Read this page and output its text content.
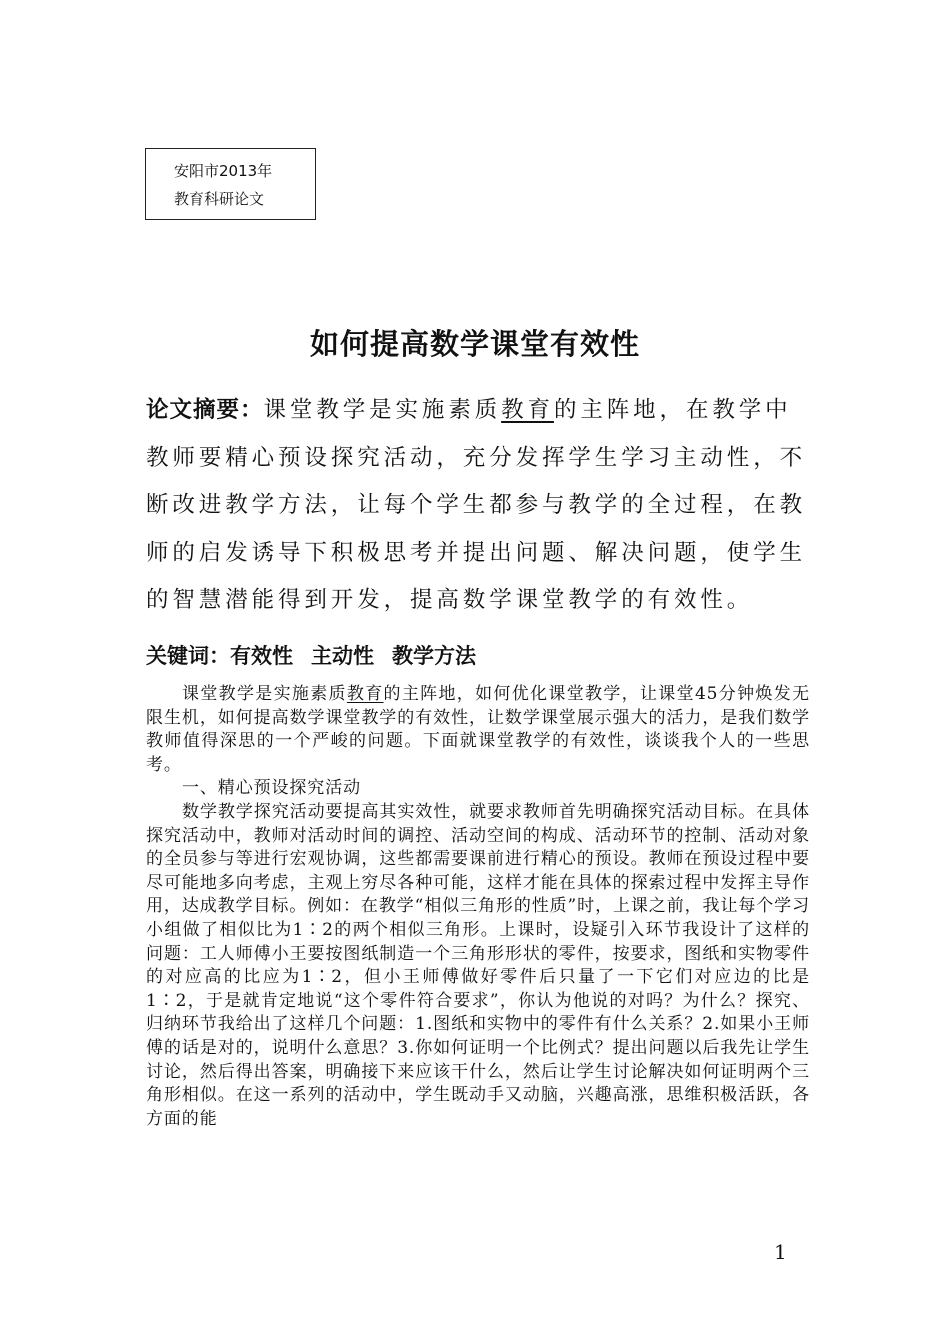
安阳市2013年
教育科研论文
如何提高数学课堂有效性

论文摘要：课堂教学是实施素质教育的主阵地，在教学中教师要精心预设探究活动，充分发挥学生学习主动性，不断改进教学方法，让每个学生都参与教学的全过程，在教师的启发诱导下积极思考并提出问题、解决问题，使学生的智慧潜能得到开发，提高数学课堂教学的有效性。

关键词：有效性 主动性 教学方法

课堂教学是实施素质教育的主阵地，如何优化课堂教学，让课堂45分钟焕发无限生机，如何提高数学课堂教学的有效性，让数学课堂展示强大的活力，是我们数学教师值得深思的一个严峻的问题。下面就课堂教学的有效性，谈谈我个人的一些思考。

一、精心预设探究活动

数学教学探究活动要提高其实效性，就要求教师首先明确探究活动目标。在具体探究活动中，教师对活动时间的调控、活动空间的构成、活动环节的控制、活动对象的全员参与等进行宏观协调，这些都需要课前进行精心的预设。教师在预设过程中要尽可能地多向考虑，主观上穷尽各种可能，这样才能在具体的探索过程中发挥主导作用，达成教学目标。例如：在教学“相似三角形的性质”时，上课之前，我让每个学习小组做了相似比为1∶2的两个相似三角形。上课时，设疑引入环节我设计了这样的问题：工人师傅小王要按图纸制造一个三角形形状的零件，按要求，图纸和实物零件的对应高的比应为1∶2，但小王师傅做好零件后只量了一下它们对应边的比是1∶2，于是就肯定地说“这个零件符合要求”，你认为他说的对吗？为什么？探究、归纳环节我给出了这样几个问题：1.图纸和实物中的零件有什么关系？2.如果小王师傅的话是对的，说明什么意思？3.你如何证明一个比例式？提出问题以后我先让学生讨论，然后得出答案，明确接下来应该干什么，然后让学生讨论解决如何证明两个三角形相似。在这一系列的活动中，学生既动手又动脑，兴趣高涨，思维积极活跃，各方面的能

1
